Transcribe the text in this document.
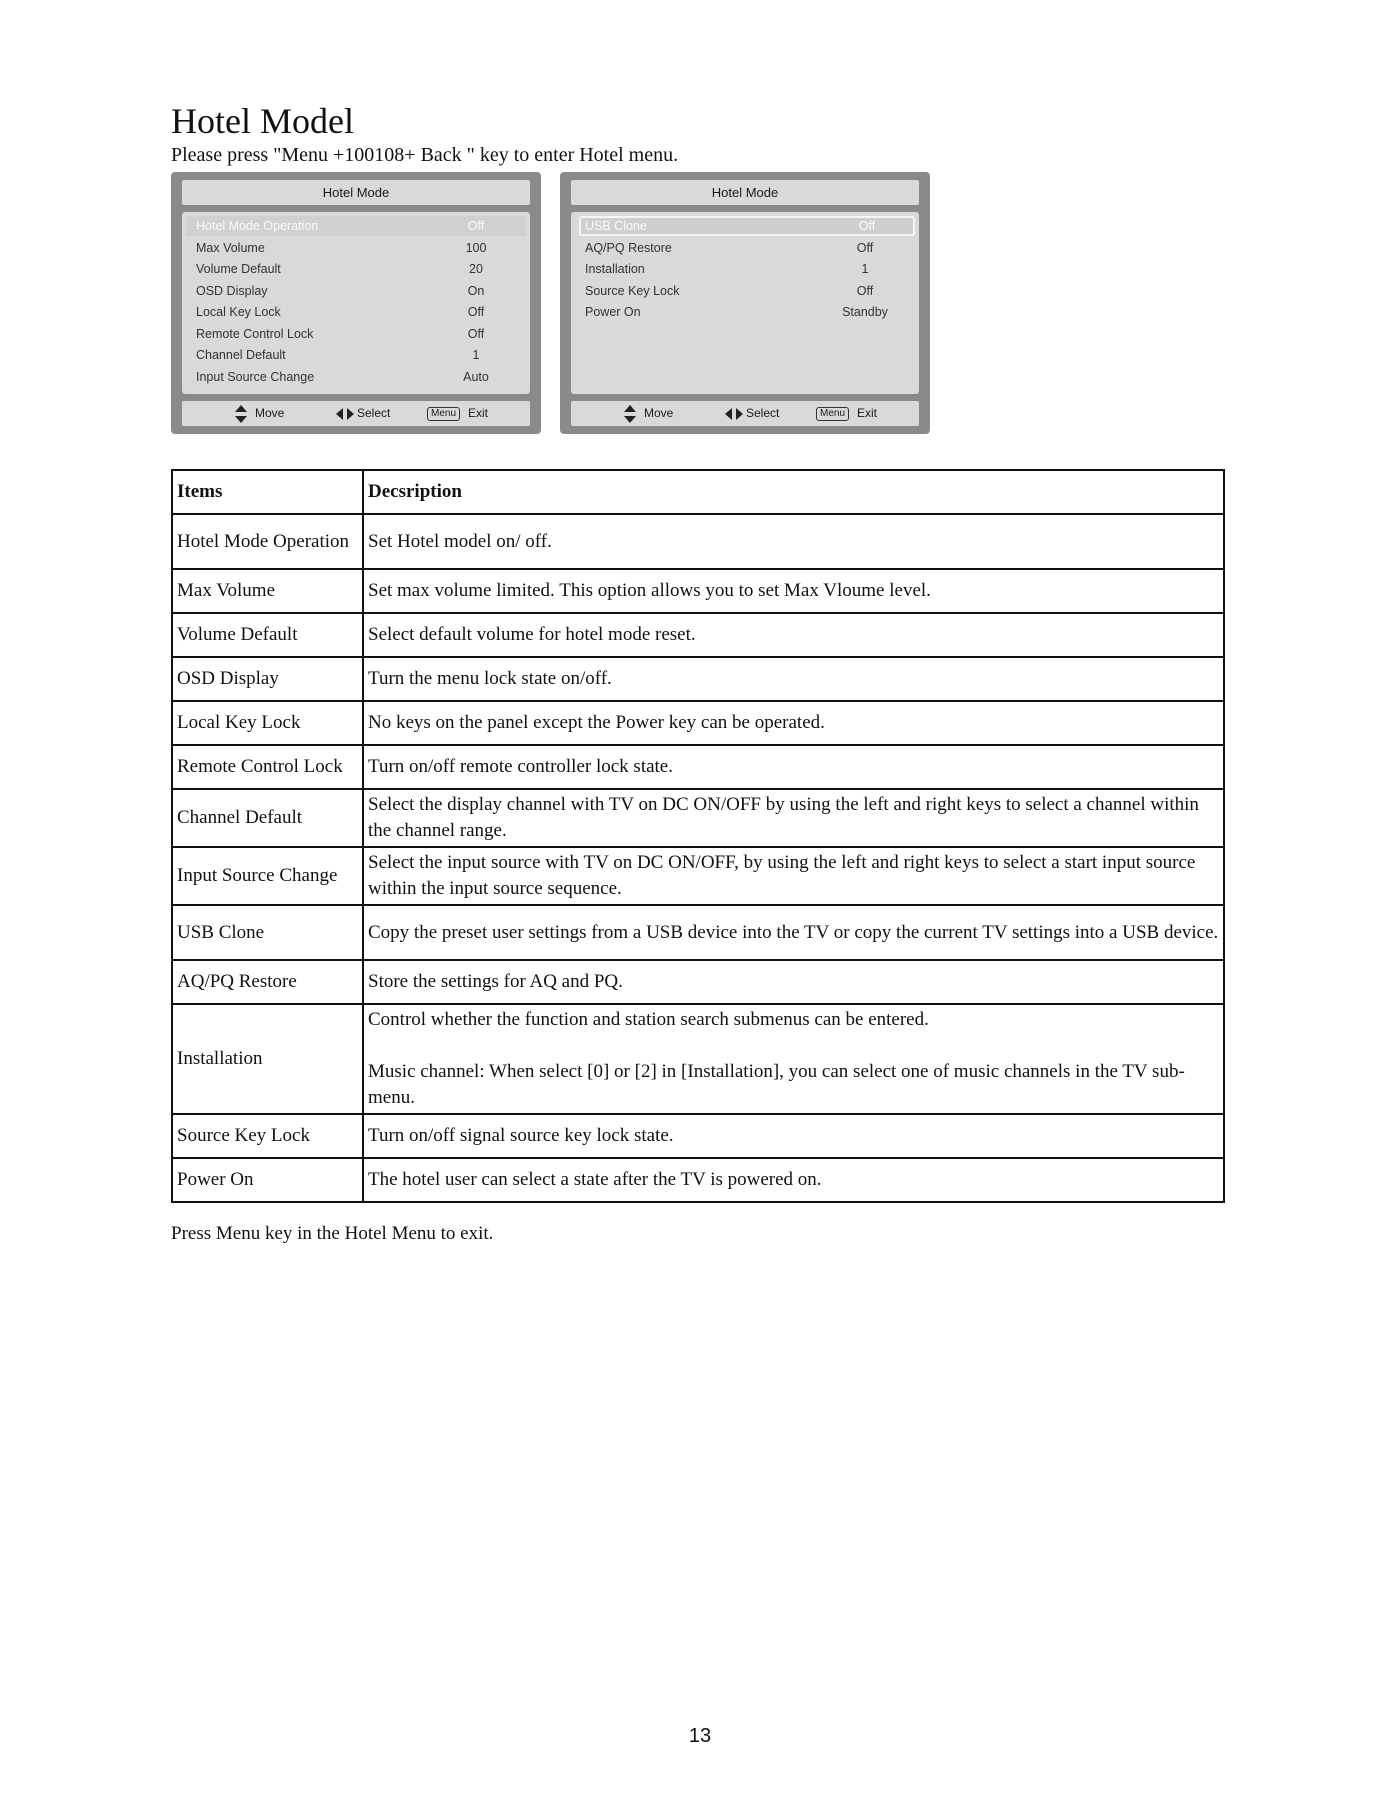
Hotel Model
Please press "Menu +100108+ Back " key to enter Hotel menu.
Hotel Mode
Hotel Mode Operation	Off
Max Volume	100
Volume Default	20
OSD Display	On
Local Key Lock	Off
Remote Control Lock	Off
Channel Default	1
Input Source Change	Auto
Move	Select	Menu Exit
Hotel Mode
USB Clone	Off
AQ/PQ Restore	Off
Installation	1
Source Key Lock	Off
Power On	Standby
Move	Select	Menu Exit
Items	Decsription
Hotel Mode Operation	Set Hotel model on/ off.
Max Volume	Set max volume limited. This option allows you to set Max Vloume level.
Volume Default	Select default volume for hotel mode reset.
OSD Display	Turn the menu lock state on/off.
Local Key Lock	No keys on the panel except the Power key can be operated.
Remote Control Lock	Turn on/off remote controller lock state.
Channel Default	Select the display channel with TV on DC ON/OFF by using the left and right keys to select a channel within the channel range.
Input Source Change	Select the input source with TV on DC ON/OFF, by using the left and right keys to select a start input source within the input source sequence.
USB Clone	Copy the preset user settings from a USB device into the TV or copy the current TV settings into a USB device.
AQ/PQ Restore	Store the settings for AQ and PQ.
Installation	Control whether the function and station search submenus can be entered.
Music channel: When select [0] or [2] in [Installation], you can select one of music channels in the TV sub-menu.

Source Key Lock	Turn on/off signal source key lock state.
Power On	The hotel user can select a state after the TV is powered on.
Press Menu key in the Hotel Menu to exit.
13
